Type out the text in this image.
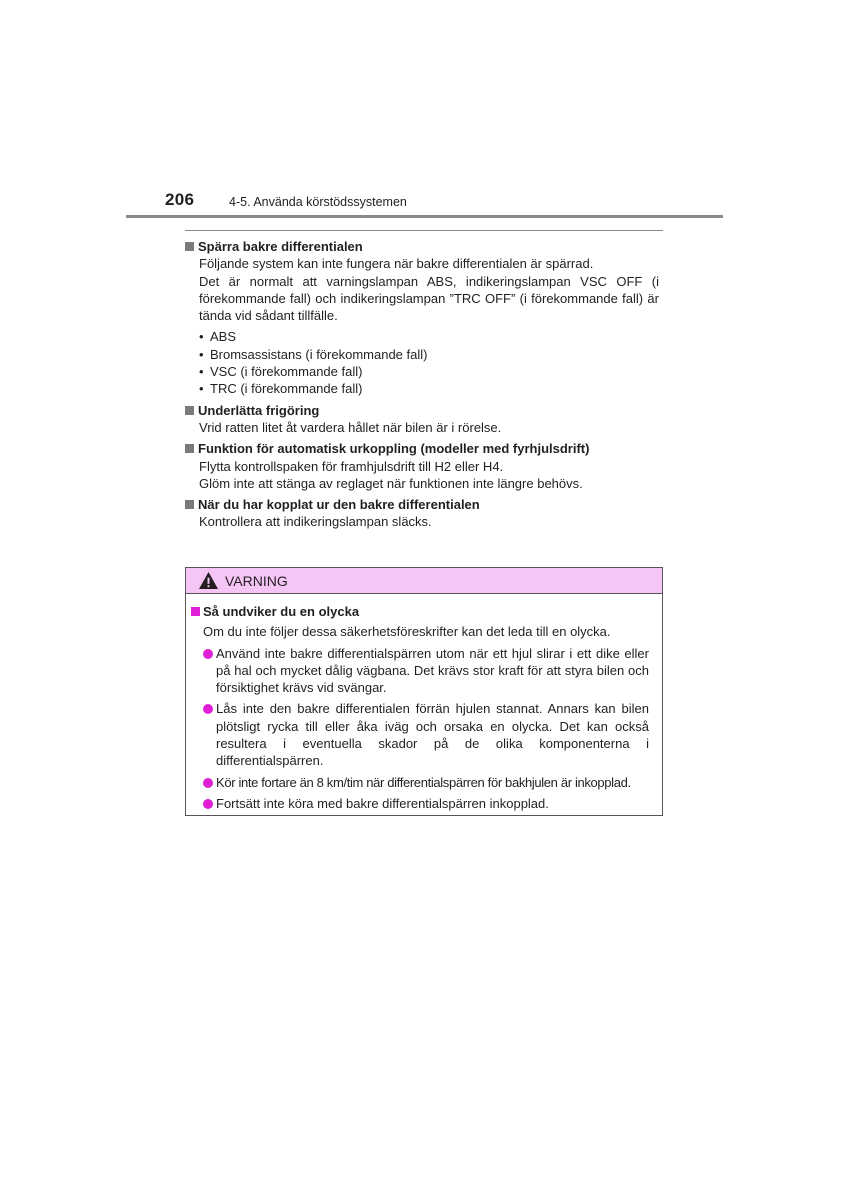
206	4-5. Använda körstödssystemen
Spärra bakre differentialen
Följande system kan inte fungera när bakre differentialen är spärrad.
Det är normalt att varningslampan ABS, indikeringslampan VSC OFF (i förekommande fall) och indikeringslampan ”TRC OFF” (i förekommande fall) är tända vid sådant tillfälle.
• ABS
• Bromsassistans (i förekommande fall)
• VSC (i förekommande fall)
• TRC (i förekommande fall)
Underlätta frigöring
Vrid ratten litet åt vardera hållet när bilen är i rörelse.
Funktion för automatisk urkoppling (modeller med fyrhjulsdrift)
Flytta kontrollspaken för framhjulsdrift till H2 eller H4.
Glöm inte att stänga av reglaget när funktionen inte längre behövs.
När du har kopplat ur den bakre differentialen
Kontrollera att indikeringslampan släcks.
VARNING
Så undviker du en olycka
Om du inte följer dessa säkerhetsföreskrifter kan det leda till en olycka.
Använd inte bakre differentialspärren utom när ett hjul slirar i ett dike eller på hal och mycket dålig vägbana. Det krävs stor kraft för att styra bilen och försiktighet krävs vid svängar.
Lås inte den bakre differentialen förrän hjulen stannat. Annars kan bilen plötsligt rycka till eller åka iväg och orsaka en olycka. Det kan också resultera i eventuella skador på de olika komponenterna i differentialspärren.
Kör inte fortare än 8 km/tim när differentialspärren för bakhjulen är inkopplad.
Fortsätt inte köra med bakre differentialspärren inkopplad.
